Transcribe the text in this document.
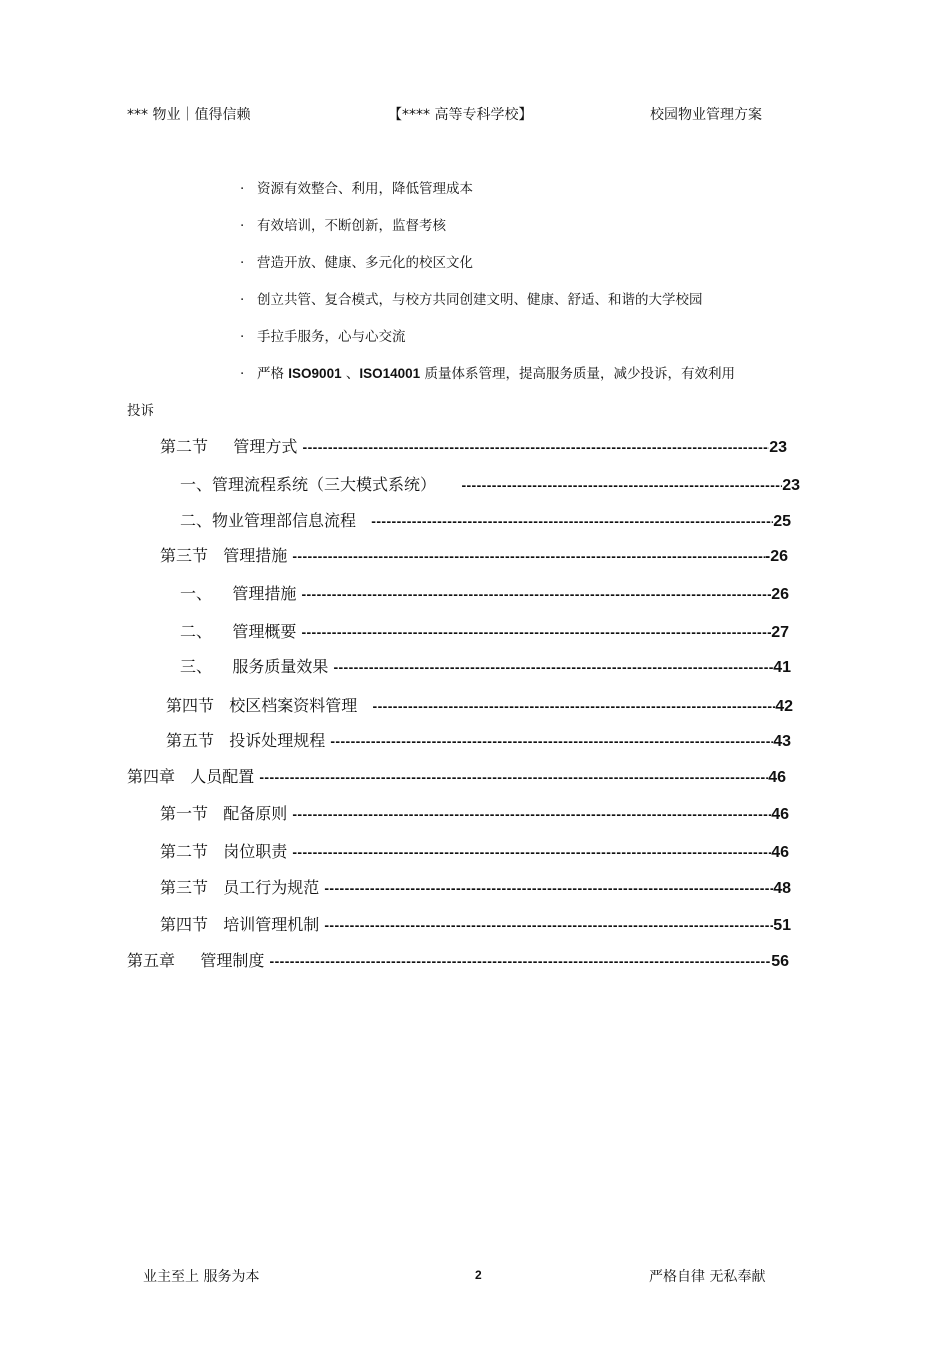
*** 物业｜值得信赖	【**** 高等专科学校】	校园物业管理方案
· 资源有效整合、利用，降低管理成本
· 有效培训，不断创新，监督考核
· 营造开放、健康、多元化的校区文化
· 创立共管、复合模式，与校方共同创建文明、健康、舒适、和谐的大学校园
· 手拉手服务，心与心交流
· 严格 ISO9001 、ISO14001 质量体系管理，提高服务质量，减少投诉，有效利用
投诉
第二节     管理方式 -----	23
一、管理流程系统（三大模式系统） -----	23
二、物业管理部信息流程 -----	25
第三节   管理措施 -----	-26
一、    管理措施 -----	26
二、    管理概要 -----	27
三、    服务质量效果 -----	41
第四节   校区档案资料管理 -----	42
第五节   投诉处理规程 -----	43
第四章   人员配置 -----	46
第一节   配备原则 -----	46
第二节   岗位职责 -----	46
第三节   员工行为规范 -----	48
第四节   培训管理机制 -----	51
第五章     管理制度 -----	56
业主至上 服务为本	2	严格自律 无私奉献
